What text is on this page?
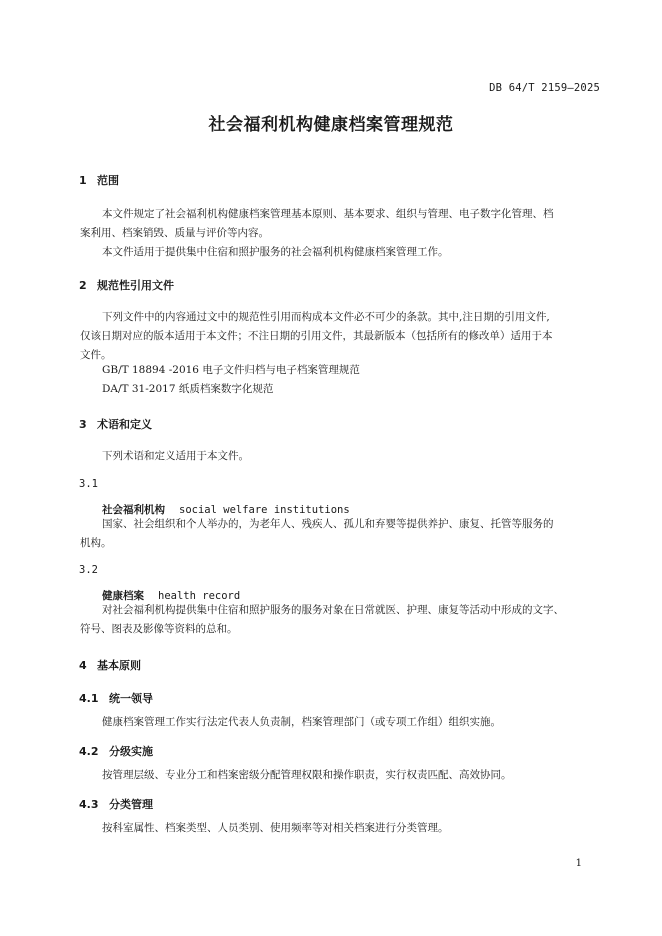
DB 64/T 2159—2025
社会福利机构健康档案管理规范
1 范围
本文件规定了社会福利机构健康档案管理基本原则、基本要求、组织与管理、电子数字化管理、档
案利用、档案销毁、质量与评价等内容。
本文件适用于提供集中住宿和照护服务的社会福利机构健康档案管理工作。
2 规范性引用文件
下列文件中的内容通过文中的规范性引用而构成本文件必不可少的条款。其中,注日期的引用文件,
仅该日期对应的版本适用于本文件；不注日期的引用文件，其最新版本（包括所有的修改单）适用于本
文件。
GB/T 18894 -2016 电子文件归档与电子档案管理规范
DA/T 31-2017 纸质档案数字化规范
3 术语和定义
下列术语和定义适用于本文件。
3.1
社会福利机构 social welfare institutions
国家、社会组织和个人举办的，为老年人、残疾人、孤儿和弃婴等提供养护、康复、托管等服务的
机构。
3.2
健康档案 health record
对社会福利机构提供集中住宿和照护服务的服务对象在日常就医、护理、康复等活动中形成的文字、
符号、图表及影像等资料的总和。
4 基本原则
4.1 统一领导
健康档案管理工作实行法定代表人负责制，档案管理部门（或专项工作组）组织实施。
4.2 分级实施
按管理层级、专业分工和档案密级分配管理权限和操作职责，实行权责匹配、高效协同。
4.3 分类管理
按科室属性、档案类型、人员类别、使用频率等对相关档案进行分类管理。
1
